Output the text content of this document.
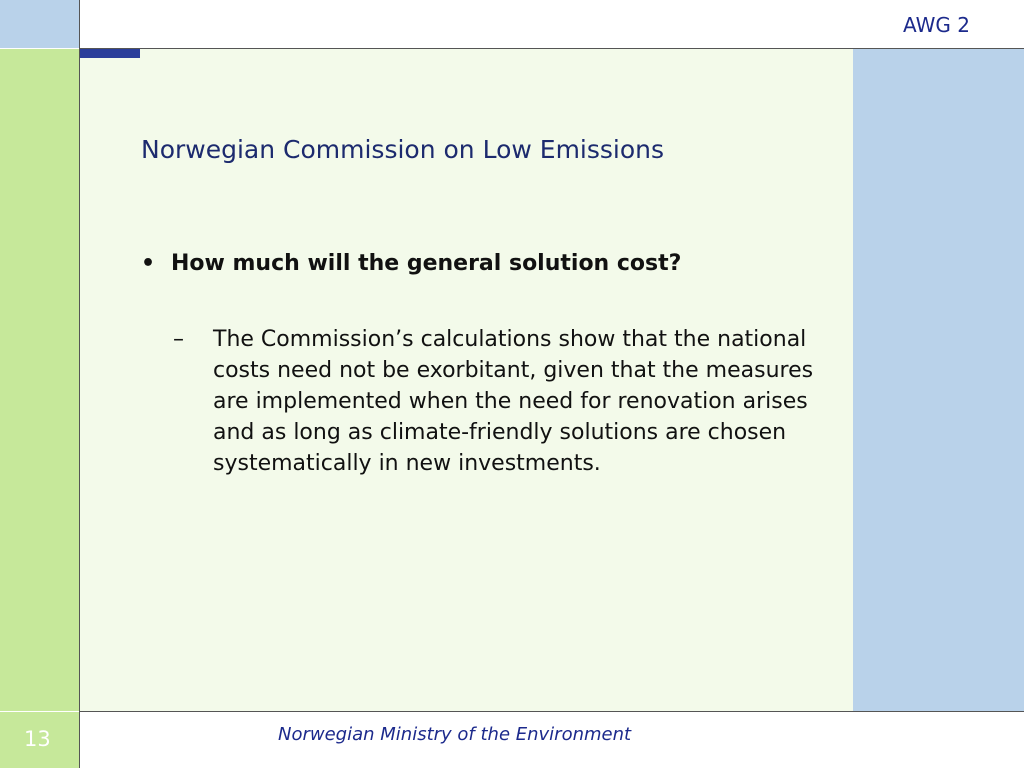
AWG 2
Norwegian Commission on Low Emissions
• How much will the general solution cost?
– The Commission’s calculations show that the national costs need not be exorbitant, given that the measures are implemented when the need for renovation arises and as long as climate-friendly solutions are chosen systematically in new investments.
13	Norwegian Ministry of the Environment
